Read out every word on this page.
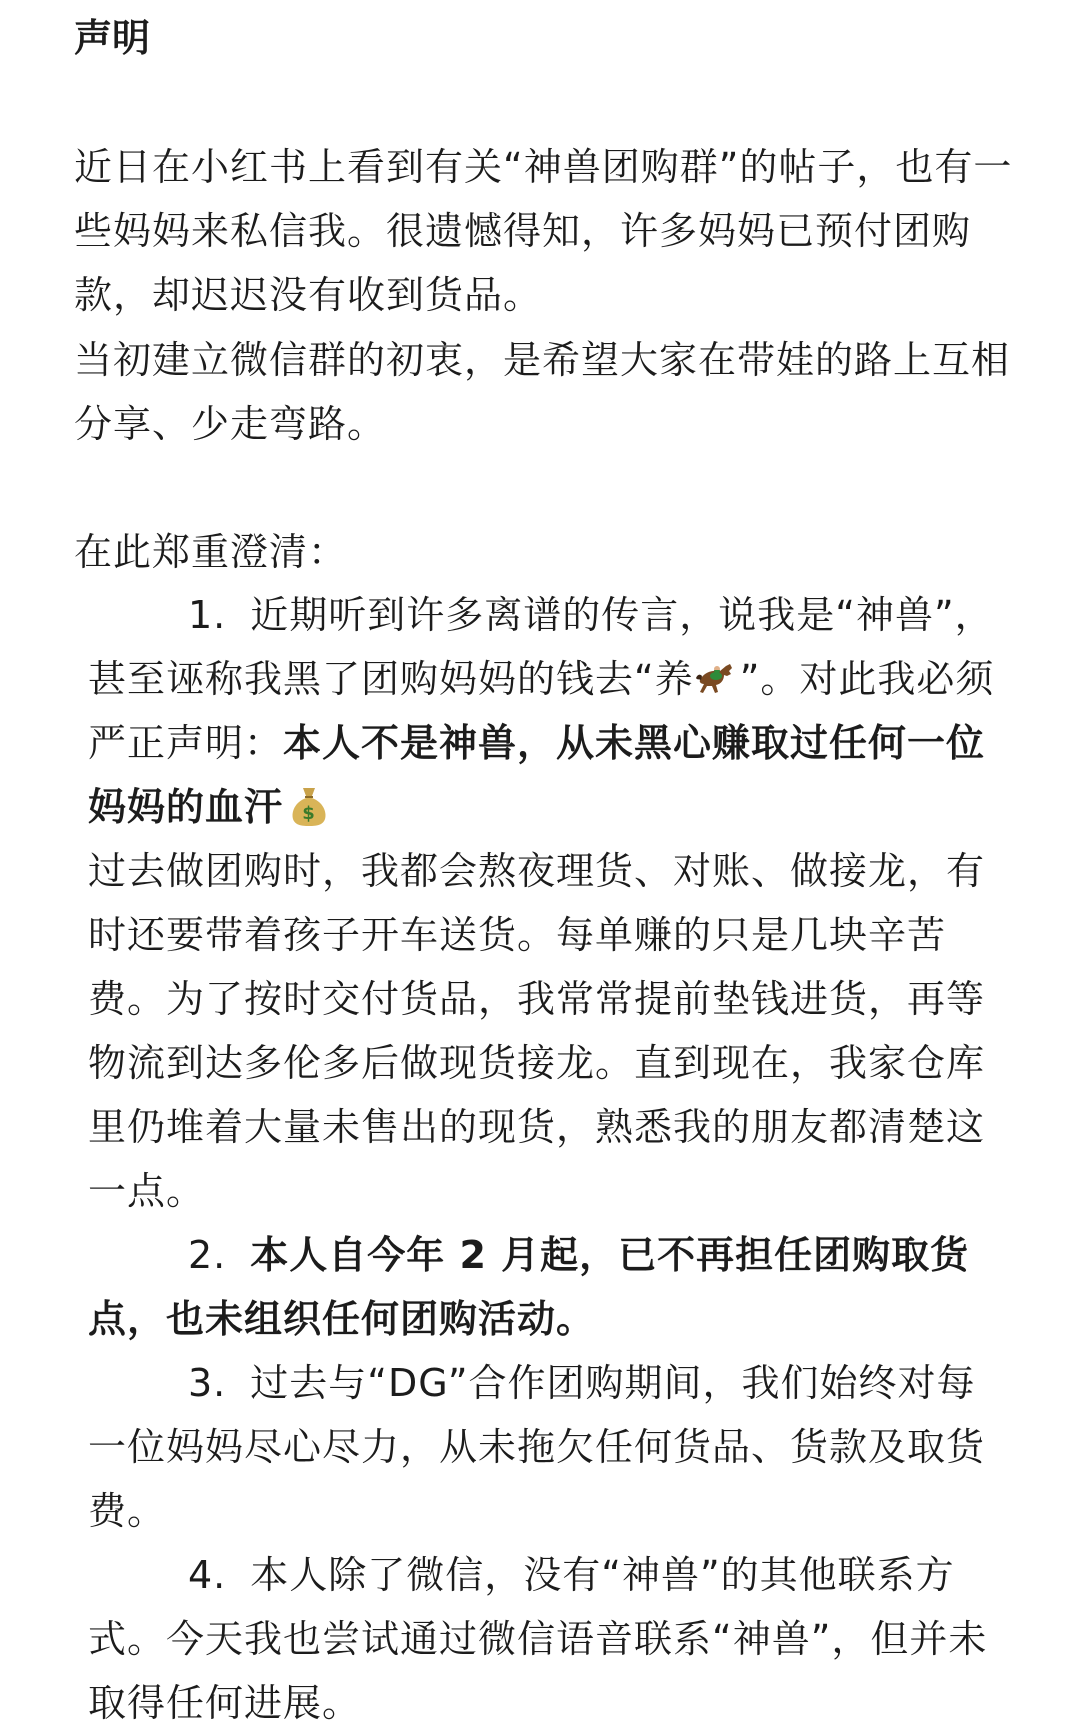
声明

近日在小红书上看到有关“神兽团购群”的帖子，也有一些妈妈来私信我。很遗憾得知，许多妈妈已预付团购款，却迟迟没有收到货品。

当初建立微信群的初衷，是希望大家在带娃的路上互相分享、少走弯路。

在此郑重澄清：

1. 近期听到许多离谱的传言，说我是“神兽”，甚至诬称我黑了团购妈妈的钱去“养 ”。对此我必须严正声明：本人不是神兽，从未黑心赚取过任何一位妈妈的血汗 $
过去做团购时，我都会熬夜理货、对账、做接龙，有时还要带着孩子开车送货。每单赚的只是几块辛苦费。为了按时交付货品，我常常提前垫钱进货，再等物流到达多伦多后做现货接龙。直到现在，我家仓库里仍堆着大量未售出的现货，熟悉我的朋友都清楚这一点。
2. 本人自今年 2 月起，已不再担任团购取货点，也未组织任何团购活动。
3. 过去与“DG”合作团购期间，我们始终对每一位妈妈尽心尽力，从未拖欠任何货品、货款及取货费。
4. 本人除了微信，没有“神兽”的其他联系方式。今天我也尝试通过微信语音联系“神兽”，但并未取得任何进展。
